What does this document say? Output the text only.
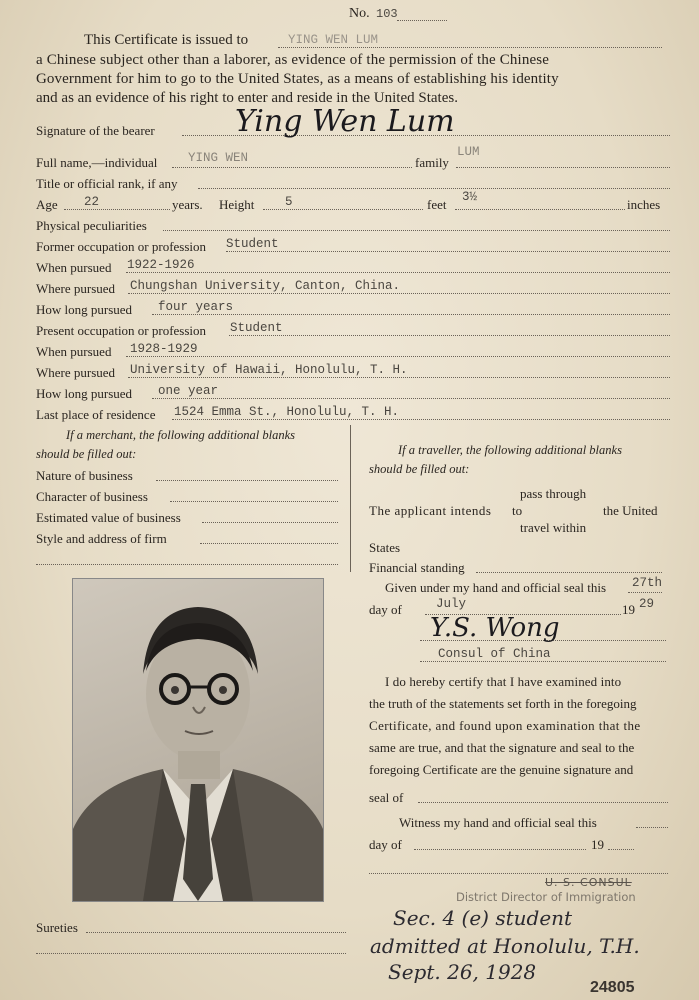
No. 103
This Certificate is issued to	YING WEN LUM
a Chinese subject other than a laborer, as evidence of the permission of the Chinese
Government for him to go to the United States, as a means of establishing his identity
and as an evidence of his right to enter and reside in the United States.
Signature of the bearer	Ying Wen Lum
Full name,—individual YING WEN	family
LUM
Title or official rank, if any
Age 22	years. Height 5	feet 3½	inches
Physical peculiarities
Former occupation or profession Student
When pursued 1922-1926
Where pursued Chungshan University, Canton, China.
How long pursued four years
Present occupation or profession Student
When pursued 1928-1929
Where pursued University of Hawaii, Honolulu, T. H.
How long pursued one year
Last place of residence 1524 Emma St., Honolulu, T. H.
If a merchant, the following additional blanks
should be filled out:
Nature of business
Character of business
Estimated value of business
Style and address of firm
If a traveller, the following additional blanks
should be filled out:
pass through
The applicant intends to	the United
travel within
States
Financial standing
Given under my hand and official seal this 27th
day of	July	19 29
Y.S. Wong
Consul of China
I do hereby certify that I have examined into
the truth of the statements set forth in the foregoing
Certificate, and found upon examination that the
same are true, and that the signature and seal to the
foregoing Certificate are the genuine signature and
seal of
Witness my hand and official seal this
day of	19
U. S. CONSUL
District Director of Immigration
Sureties	Sec. 4 (e) student
admitted at Honolulu, T.H.
Sept. 26, 1928
24805
